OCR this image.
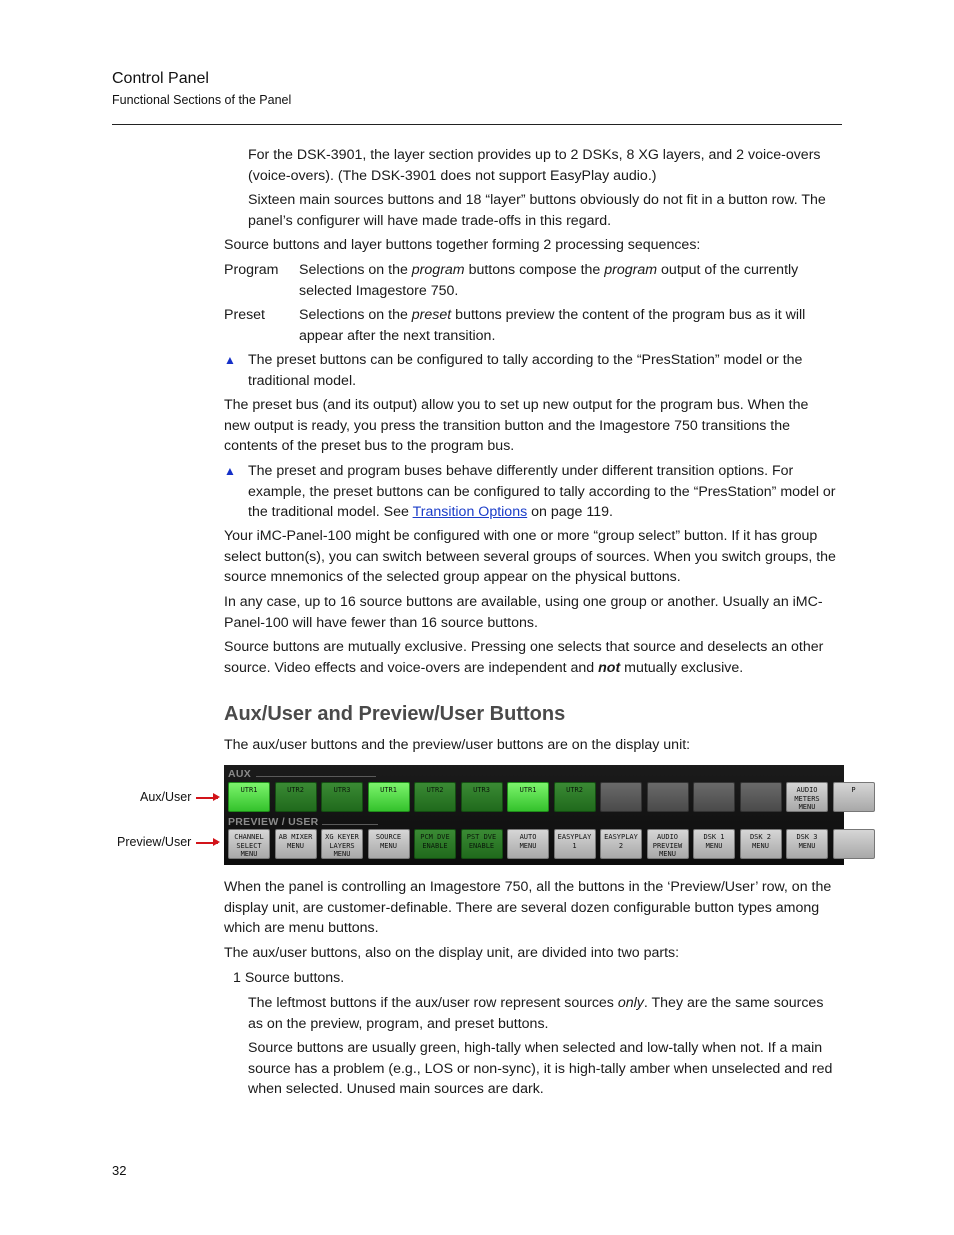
Control Panel
Functional Sections of the Panel

For the DSK-3901, the layer section provides up to 2 DSKs, 8 XG layers, and 2 voice-overs (voice-overs). (The DSK-3901 does not support EasyPlay audio.)

Sixteen main sources buttons and 18 “layer” buttons obviously do not fit in a button row. The panel’s configurer will have made trade-offs in this regard.

Source buttons and layer buttons together forming 2 processing sequences:

Program Selections on the program buttons compose the program output of the currently selected Imagestore 750.

Preset Selections on the preset buttons preview the content of the program bus as it will appear after the next transition.

▲ The preset buttons can be configured to tally according to the “PresStation” model or the traditional model.

The preset bus (and its output) allow you to set up new output for the program bus. When the new output is ready, you press the transition button and the Imagestore 750 transitions the contents of the preset bus to the program bus.

▲ The preset and program buses behave differently under different transition options. For example, the preset buttons can be configured to tally according to the “PresStation” model or the traditional model. See Transition Options on page 119.

Your iMC-Panel-100 might be configured with one or more “group select” button. If it has group select button(s), you can switch between several groups of sources. When you switch groups, the source mnemonics of the selected group appear on the physical buttons.

In any case, up to 16 source buttons are available, using one group or another. Usually an iMC-Panel-100 will have fewer than 16 source buttons.

Source buttons are mutually exclusive. Pressing one selects that source and deselects an other source. Video effects and voice-overs are independent and not mutually exclusive.

Aux/User and Preview/User Buttons

The aux/user buttons and the preview/user buttons are on the display unit:

Aux/User
Preview/User
AUX
PREVIEW / USER
UTR1	UTR2	UTR3	UTR1	UTR2	UTR3	UTR1	UTR2	AUDIO
METERS
MENU
P
CHANNEL
SELECT
MENU
AB MIXER
MENU
XG KEYER
LAYERS
MENU
SOURCE
MENU
PCM DVE
ENABLE
PST DVE
ENABLE
AUTO
MENU
EASYPLAY
1
EASYPLAY
2
AUDIO
PREVIEW
MENU
DSK 1
MENU
DSK 2
MENU
DSK 3
MENU

When the panel is controlling an Imagestore 750, all the buttons in the ‘Preview/User’ row, on the display unit, are customer-definable. There are several dozen configurable button types among which are menu buttons.

The aux/user buttons, also on the display unit, are divided into two parts:

1 Source buttons.

The leftmost buttons if the aux/user row represent sources only. They are the same sources as on the preview, program, and preset buttons.

Source buttons are usually green, high-tally when selected and low-tally when not. If a main source has a problem (e.g., LOS or non-sync), it is high-tally amber when unselected and red when selected. Unused main sources are dark.

32
